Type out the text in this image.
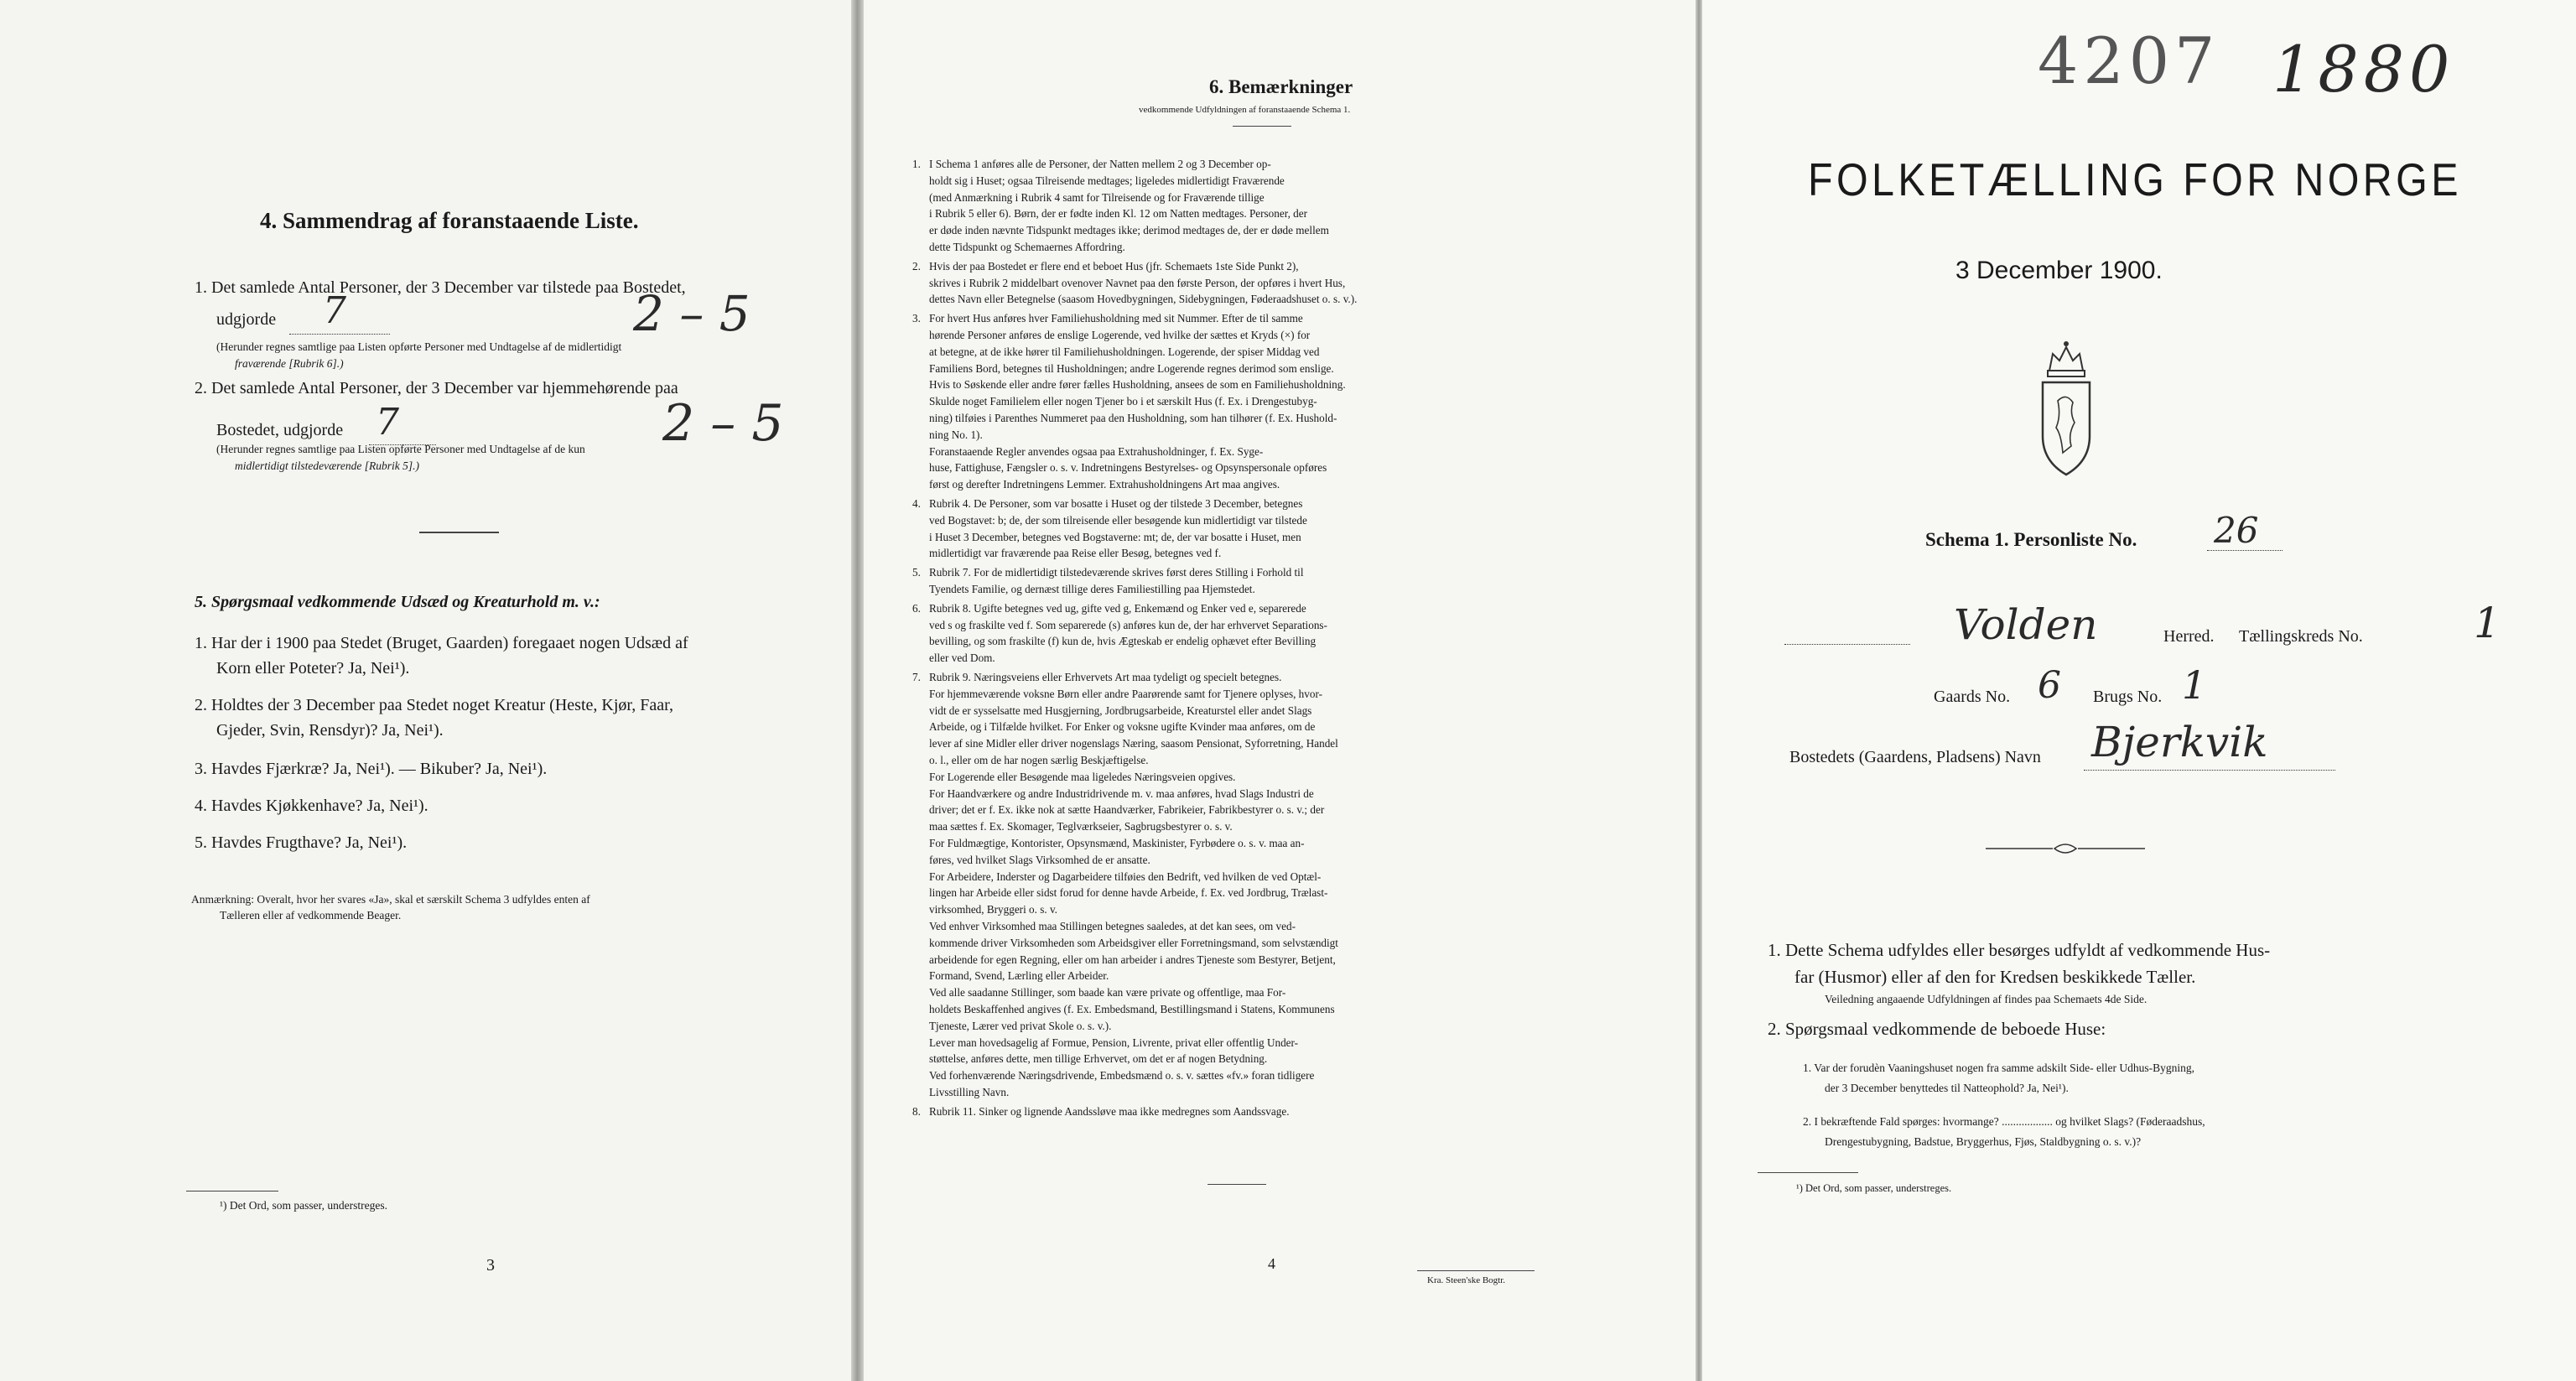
4. Sammendrag af foranstaaende Liste.
1. Det samlede Antal Personer, der 3 December var tilstede paa Bostedet,
udgjorde 7
(Herunder regnes samtlige paa Listen opførte Personer med Undtagelse af de midlertidigt
fraværende [Rubrik 6].)
2 – 5
2. Det samlede Antal Personer, der 3 December var hjemmehørende paa
Bostedet, udgjorde 7
(Herunder regnes samtlige paa Listen opførte Personer med Undtagelse af de kun
midlertidigt tilstedeværende [Rubrik 5].)
2 – 5
5. Spørgsmaal vedkommende Udsæd og Kreaturhold m. v.:
1. Har der i 1900 paa Stedet (Bruget, Gaarden) foregaaet nogen Udsæd af
Korn eller Poteter? Ja, Nei¹).
2. Holdtes der 3 December paa Stedet noget Kreatur (Heste, Kjør, Faar,
Gjeder, Svin, Rensdyr)? Ja, Nei¹).
3. Havdes Fjærkræ? Ja, Nei¹). — Bikuber? Ja, Nei¹).
4. Havdes Kjøkkenhave? Ja, Nei¹).
5. Havdes Frugthave? Ja, Nei¹).
Anmærkning: Overalt, hvor her svares «Ja», skal et særskilt Schema 3 udfyldes enten af
Tælleren eller af vedkommende Beager.
¹) Det Ord, som passer, understreges.
3
6. Bemærkninger
vedkommende Udfyldningen af foranstaaende Schema 1.
1. I Schema 1 anføres alle de Personer, der Natten mellem 2 og 3 December op-
holdt sig i Huset; ogsaa Tilreisende medtages; ligeledes midlertidigt Fraværende
(med Anmærkning i Rubrik 4 samt for Tilreisende og for Fraværende tillige
i Rubrik 5 eller 6). Børn, der er fødte inden Kl. 12 om Natten medtages. Personer, der
er døde inden nævnte Tidspunkt medtages ikke; derimod medtages de, der er døde mellem
dette Tidspunkt og Schemaernes Affordring.
2. Hvis der paa Bostedet er flere end et beboet Hus (jfr. Schemaets 1ste Side Punkt 2),
skrives i Rubrik 2 middelbart ovenover Navnet paa den første Person, der opføres i hvert Hus,
dettes Navn eller Betegnelse (saasom Hovedbygningen, Sidebygningen, Føderaadshuset o. s. v.).
3. For hvert Hus anføres hver Familiehusholdning med sit Nummer. Efter de til samme
hørende Personer anføres de enslige Logerende, ved hvilke der sættes et Kryds (×) for
at betegne, at de ikke hører til Familiehusholdningen. Logerende, der spiser Middag ved
Familiens Bord, betegnes til Husholdningen; andre Logerende regnes derimod som enslige.
Hvis to Søskende eller andre fører fælles Husholdning, ansees de som en Familiehusholdning.
Skulde noget Familielem eller nogen Tjener bo i et særskilt Hus (f. Ex. i Drengestubyg-
ning) tilføies i Parenthes Nummeret paa den Husholdning, som han tilhører (f. Ex. Hushold-
ning No. 1).
Foranstaaende Regler anvendes ogsaa paa Extrahusholdninger, f. Ex. Syge-
huse, Fattighuse, Fængsler o. s. v. Indretningens Bestyrelses- og Opsynspersonale opføres
først og derefter Indretningens Lemmer. Extrahusholdningens Art maa angives.
4. Rubrik 4. De Personer, som var bosatte i Huset og der tilstede 3 December, betegnes
ved Bogstavet: b; de, der som tilreisende eller besøgende kun midlertidigt var tilstede
i Huset 3 December, betegnes ved Bogstaverne: mt; de, der var bosatte i Huset, men
midlertidigt var fraværende paa Reise eller Besøg, betegnes ved f.
5. Rubrik 7. For de midlertidigt tilstedeværende skrives først deres Stilling i Forhold til
Tyendets Familie, og dernæst tillige deres Familiestilling paa Hjemstedet.
6. Rubrik 8. Ugifte betegnes ved ug, gifte ved g, Enkemænd og Enker ved e, separerede
ved s og fraskilte ved f. Som separerede (s) anføres kun de, der har erhvervet Separations-
bevilling, og som fraskilte (f) kun de, hvis Ægteskab er endelig ophævet efter Bevilling
eller ved Dom.
7. Rubrik 9. Næringsveiens eller Erhvervets Art maa tydeligt og specielt betegnes.
For hjemmeværende voksne Børn eller andre Paarørende samt for Tjenere oplyses, hvor-
vidt de er sysselsatte med Husgjerning, Jordbrugsarbeide, Kreaturstel eller andet Slags
Arbeide, og i Tilfælde hvilket. For Enker og voksne ugifte Kvinder maa anføres, om de
lever af sine Midler eller driver nogenslags Næring, saasom Pensionat, Syforretning, Handel
o. l., eller om de har nogen særlig Beskjæftigelse.
For Logerende eller Besøgende maa ligeledes Næringsveien opgives.
For Haandværkere og andre Industridrivende m. v. maa anføres, hvad Slags Industri de
driver; det er f. Ex. ikke nok at sætte Haandværker, Fabrikeier, Fabrikbestyrer o. s. v.; der
maa sættes f. Ex. Skomager, Teglværkseier, Sagbrugsbestyrer o. s. v.
For Fuldmægtige, Kontorister, Opsynsmænd, Maskinister, Fyrbødere o. s. v. maa an-
føres, ved hvilket Slags Virksomhed de er ansatte.
For Arbeidere, Inderster og Dagarbeidere tilføies den Bedrift, ved hvilken de ved Optæl-
lingen har Arbeide eller sidst forud for denne havde Arbeide, f. Ex. ved Jordbrug, Trælast-
virksomhed, Bryggeri o. s. v.
Ved enhver Virksomhed maa Stillingen betegnes saaledes, at det kan sees, om ved-
kommende driver Virksomheden som Arbeidsgiver eller Forretningsmand, som selvstændigt
arbeidende for egen Regning, eller om han arbeider i andres Tjeneste som Bestyrer, Betjent,
Formand, Svend, Lærling eller Arbeider.
Ved alle saadanne Stillinger, som baade kan være private og offentlige, maa For-
holdets Beskaffenhed angives (f. Ex. Embedsmand, Bestillingsmand i Statens, Kommunens
Tjeneste, Lærer ved privat Skole o. s. v.).
Lever man hovedsagelig af Formue, Pension, Livrente, privat eller offentlig Under-
støttelse, anføres dette, men tillige Erhvervet, om det er af nogen Betydning.
Ved forhenværende Næringsdrivende, Embedsmænd o. s. v. sættes «fv.» foran tidligere
Livsstilling Navn.
8. Rubrik 11. Sinker og lignende Aandssløve maa ikke medregnes som Aandssvage.
4
Kra. Steen'ske Bogtr.
4207 1880
FOLKETÆLLING FOR NORGE
3 December 1900.
Schema 1. Personliste No. 26
Volden	Herred. Tællingskreds No.	1
Gaards No. 6 Brugs No. 1
Bostedets (Gaardens, Pladsens) Navn Bjerkvik
1. Dette Schema udfyldes eller besørges udfyldt af vedkommende Hus-
far (Husmor) eller af den for Kredsen beskikkede Tæller.
Veiledning angaaende Udfyldningen af findes paa Schemaets 4de Side.
2. Spørgsmaal vedkommende de beboede Huse:
1. Var der forudèn Vaaningshuset nogen fra samme adskilt Side- eller Udhus-Bygning,
der 3 December benyttedes til Natteophold? Ja, Nei¹).
2. I bekræftende Fald spørges: hvormange? .................. og hvilket Slags? (Føderaadshus,
Drengestubygning, Badstue, Bryggerhus, Fjøs, Staldbygning o. s. v.)?
¹) Det Ord, som passer, understreges.
